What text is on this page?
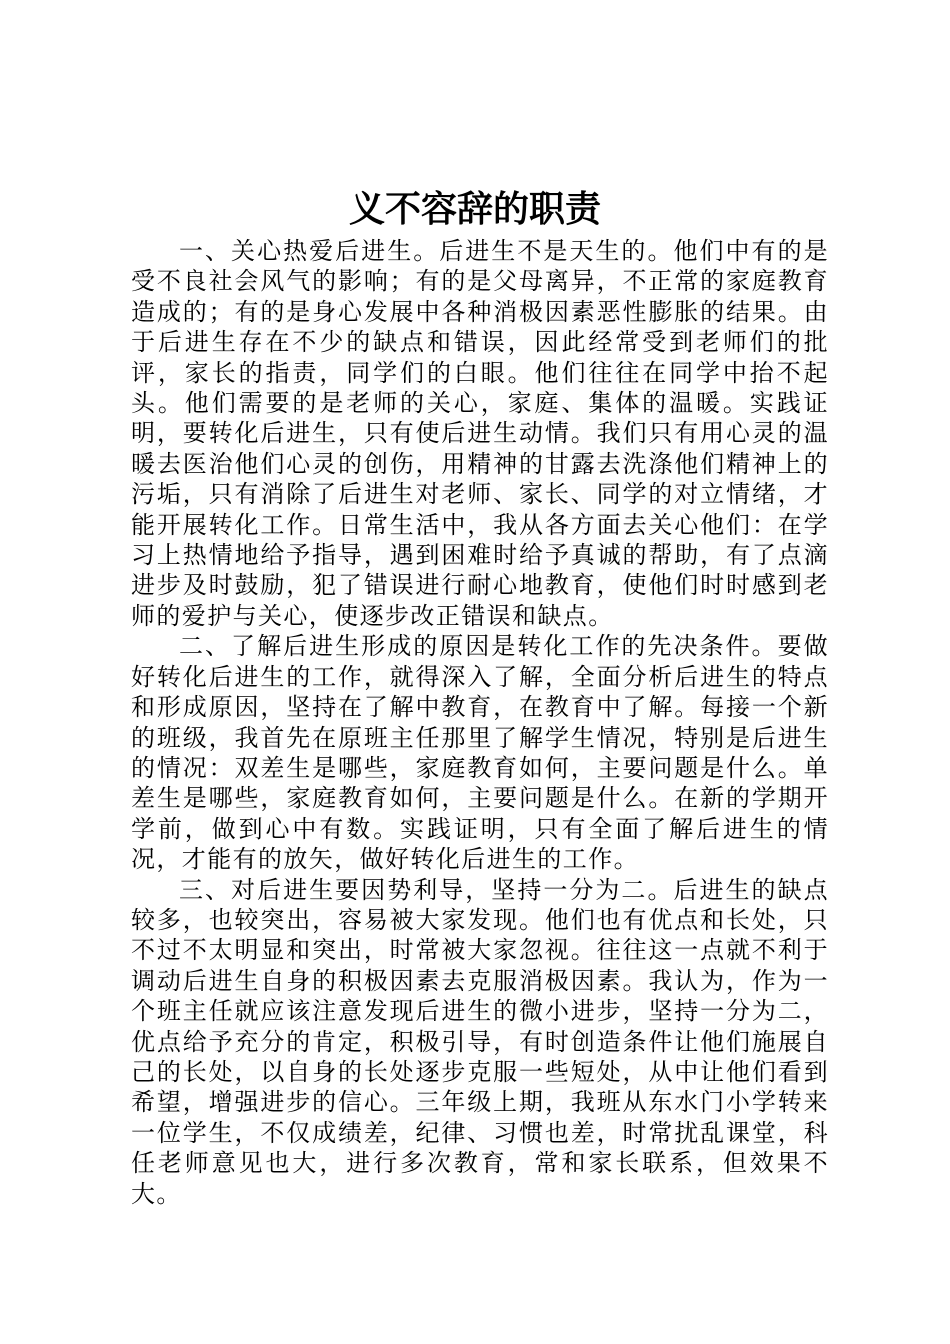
义不容辞的职责

一、关心热爱后进生。后进生不是天生的。他们中有的是受不良社会风气的影响；有的是父母离异，不正常的家庭教育造成的；有的是身心发展中各种消极因素恶性膨胀的结果。由于后进生存在不少的缺点和错误，因此经常受到老师们的批评，家长的指责，同学们的白眼。他们往往在同学中抬不起头。他们需要的是老师的关心，家庭、集体的温暖。实践证明，要转化后进生，只有使后进生动情。我们只有用心灵的温暖去医治他们心灵的创伤，用精神的甘露去洗涤他们精神上的污垢，只有消除了后进生对老师、家长、同学的对立情绪，才能开展转化工作。日常生活中，我从各方面去关心他们：在学习上热情地给予指导，遇到困难时给予真诚的帮助，有了点滴进步及时鼓励，犯了错误进行耐心地教育，使他们时时感到老师的爱护与关心，使逐步改正错误和缺点。

二、了解后进生形成的原因是转化工作的先决条件。要做好转化后进生的工作，就得深入了解，全面分析后进生的特点和形成原因，坚持在了解中教育，在教育中了解。每接一个新的班级，我首先在原班主任那里了解学生情况，特别是后进生的情况：双差生是哪些，家庭教育如何，主要问题是什么。单差生是哪些，家庭教育如何，主要问题是什么。在新的学期开学前，做到心中有数。实践证明，只有全面了解后进生的情况，才能有的放矢，做好转化后进生的工作。

三、对后进生要因势利导，坚持一分为二。后进生的缺点较多，也较突出，容易被大家发现。他们也有优点和长处，只不过不太明显和突出，时常被大家忽视。往往这一点就不利于调动后进生自身的积极因素去克服消极因素。我认为，作为一个班主任就应该注意发现后进生的微小进步，坚持一分为二，优点给予充分的肯定，积极引导，有时创造条件让他们施展自己的长处，以自身的长处逐步克服一些短处，从中让他们看到希望，增强进步的信心。三年级上期，我班从东水门小学转来一位学生，不仅成绩差，纪律、习惯也差，时常扰乱课堂，科任老师意见也大，进行多次教育，常和家长联系，但效果不大。
